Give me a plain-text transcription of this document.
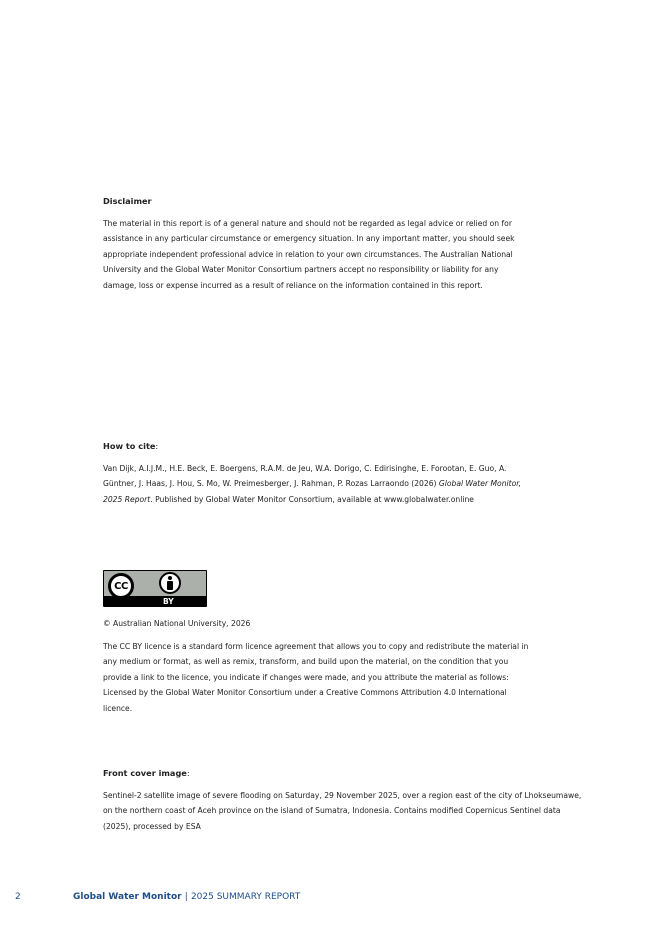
Disclaimer

The material in this report is of a general nature and should not be regarded as legal advice or relied on for
assistance in any particular circumstance or emergency situation. In any important matter, you should seek
appropriate independent professional advice in relation to your own circumstances. The Australian National
University and the Global Water Monitor Consortium partners accept no responsibility or liability for any
damage, loss or expense incurred as a result of reliance on the information contained in this report.

How to cite:

Van Dijk, A.I.J.M., H.E. Beck, E. Boergens, R.A.M. de Jeu, W.A. Dorigo, C. Edirisinghe, E. Forootan, E. Guo, A.
Güntner, J. Haas, J. Hou, S. Mo, W. Preimesberger, J. Rahman, P. Rozas Larraondo (2026) Global Water Monitor,
2025 Report. Published by Global Water Monitor Consortium, available at www.globalwater.online

CC
BY

© Australian National University, 2026

The CC BY licence is a standard form licence agreement that allows you to copy and redistribute the material in
any medium or format, as well as remix, transform, and build upon the material, on the condition that you
provide a link to the licence, you indicate if changes were made, and you attribute the material as follows:
Licensed by the Global Water Monitor Consortium under a Creative Commons Attribution 4.0 International
licence.

Front cover image:

Sentinel-2 satellite image of severe flooding on Saturday, 29 November 2025, over a region east of the city of Lhokseumawe,
on the northern coast of Aceh province on the island of Sumatra, Indonesia. Contains modified Copernicus Sentinel data
(2025), processed by ESA

2	Global Water Monitor | 2025 SUMMARY REPORT
